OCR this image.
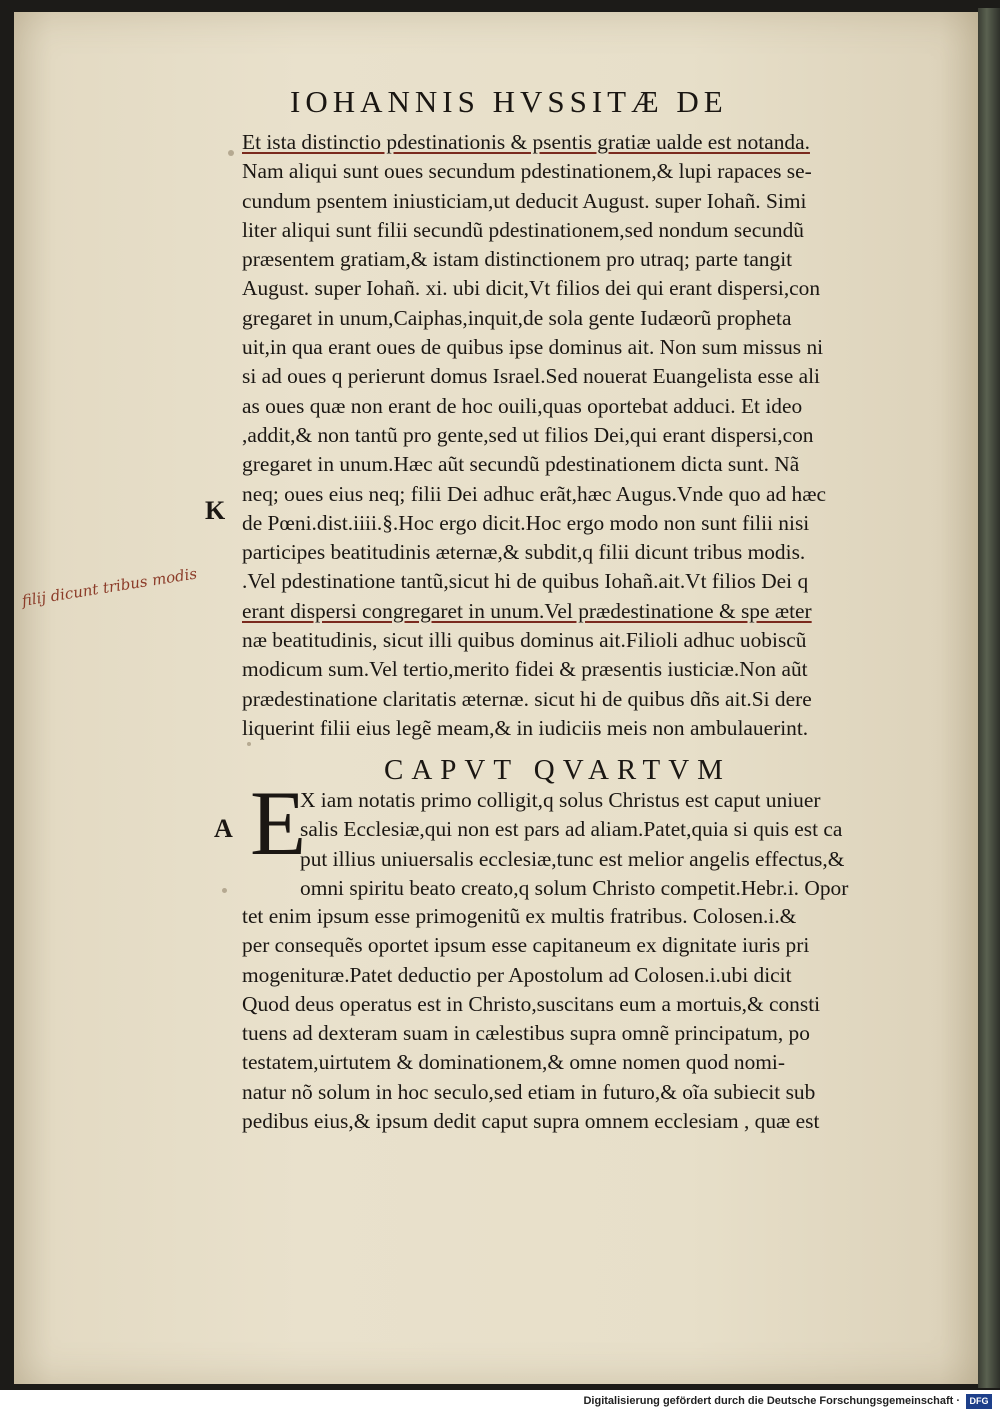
IOHANNIS HVSSITÆ DE
Et ista distinctio pdestinationis & psentis gratiæ ualde est notanda.
Nam aliqui sunt oues secundum pdestinationem,& lupi rapaces se-
cundum psentem iniusticiam,ut deducit August. super Iohañ. Simi
liter aliqui sunt filii secundũ pdestinationem,sed nondum secundũ
præsentem gratiam,& istam distinctionem pro utraq; parte tangit
August. super Iohañ. xi. ubi dicit,Vt filios dei qui erant dispersi,con
gregaret in unum,Caiphas,inquit,de sola gente Iudæorũ propheta
uit,in qua erant oues de quibus ipse dominus ait. Non sum missus ni
si ad oues q perierunt domus Israel.Sed nouerat Euangelista esse ali
as oues quæ non erant de hoc ouili,quas oportebat adduci. Et ideo
,addit,& non tantũ pro gente,sed ut filios Dei,qui erant dispersi,con
gregaret in unum.Hæc aũt secundũ pdestinationem dicta sunt. Nã
neq; oues eius neq; filii Dei adhuc erãt,hæc Augus.Vnde quo ad hæc
de Pœni.dist.iiii.§.Hoc ergo dicit.Hoc ergo modo non sunt filii nisi
participes beatitudinis æternæ,& subdit,q filii dicunt tribus modis.
.Vel pdestinatione tantũ,sicut hi de quibus Iohañ.ait.Vt filios Dei q
erant dispersi congregaret in unum.Vel prædestinatione & spe æter
næ beatitudinis, sicut illi quibus dominus ait.Filioli adhuc uobiscũ
modicum sum.Vel tertio,merito fidei & præsentis iusticiæ.Non aũt
prædestinatione claritatis æternæ. sicut hi de quibus dñs ait.Si dere
liquerint filii eius legẽ meam,& in iudiciis meis non ambulauerint.
K
filij dicunt tribus modis
CAPVT QVARTVM
A E
X iam notatis primo colligit,q solus Christus est caput uniuer
salis Ecclesiæ,qui non est pars ad aliam.Patet,quia si quis est ca
put illius uniuersalis ecclesiæ,tunc est melior angelis effectus,&
omni spiritu beato creato,q solum Christo competit.Hebr.i. Opor
tet enim ipsum esse primogenitũ ex multis fratribus. Colosen.i.&
per consequẽs oportet ipsum esse capitaneum ex dignitate iuris pri
mogenituræ.Patet deductio per Apostolum ad Colosen.i.ubi dicit
Quod deus operatus est in Christo,suscitans eum a mortuis,& consti
tuens ad dexteram suam in cælestibus supra omnẽ principatum, po
testatem,uirtutem & dominationem,& omne nomen quod nomi-
natur nõ solum in hoc seculo,sed etiam in futuro,& oĩa subiecit sub
pedibus eius,& ipsum dedit caput supra omnem ecclesiam , quæ est
Digitalisierung gefördert durch die Deutsche Forschungsgemeinschaft ·	DFG
